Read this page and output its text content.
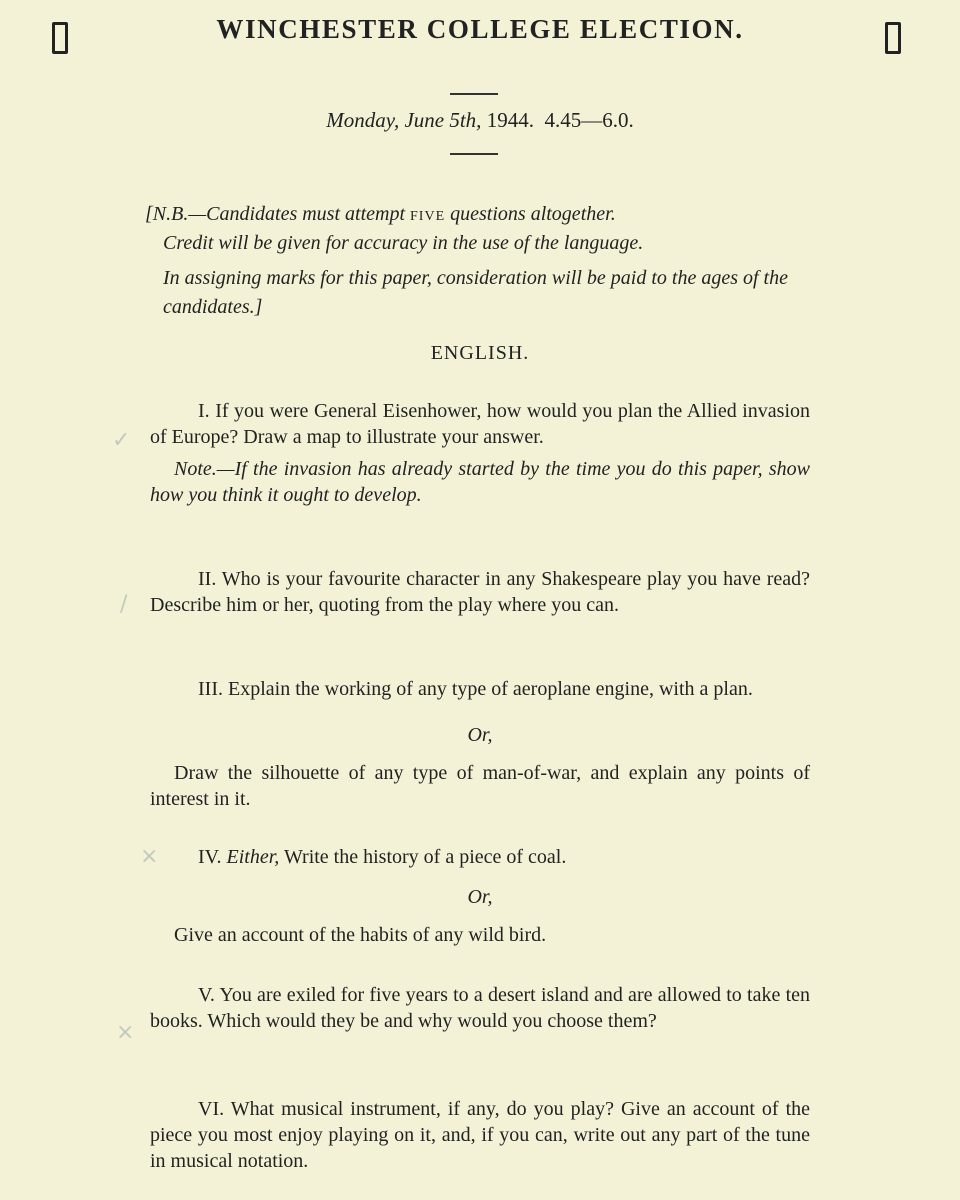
WINCHESTER COLLEGE ELECTION.
Monday, June 5th, 1944. 4.45—6.0.

[N.B.—Candidates must attempt five questions altogether.

Credit will be given for accuracy in the use of the language.

In assigning marks for this paper, consideration will be paid to the ages of the candidates.]

ENGLISH.

I. If you were General Eisenhower, how would you plan the Allied invasion of Europe? Draw a map to illustrate your answer.

Note.—If the invasion has already started by the time you do this paper, show how you think it ought to develop.

✓

II. Who is your favourite character in any Shakespeare play you have read? Describe him or her, quoting from the play where you can.

/

III. Explain the working of any type of aeroplane engine, with a plan.

Or,

Draw the silhouette of any type of man-of-war, and explain any points of interest in it.

×	IV. Either, Write the history of a piece of coal.

Or,

Give an account of the habits of any wild bird.

V. You are exiled for five years to a desert island and are allowed to take ten books. Which would they be and why would you choose them?

×

VI. What musical instrument, if any, do you play? Give an account of the piece you most enjoy playing on it, and, if you can, write out any part of the tune in musical notation.
